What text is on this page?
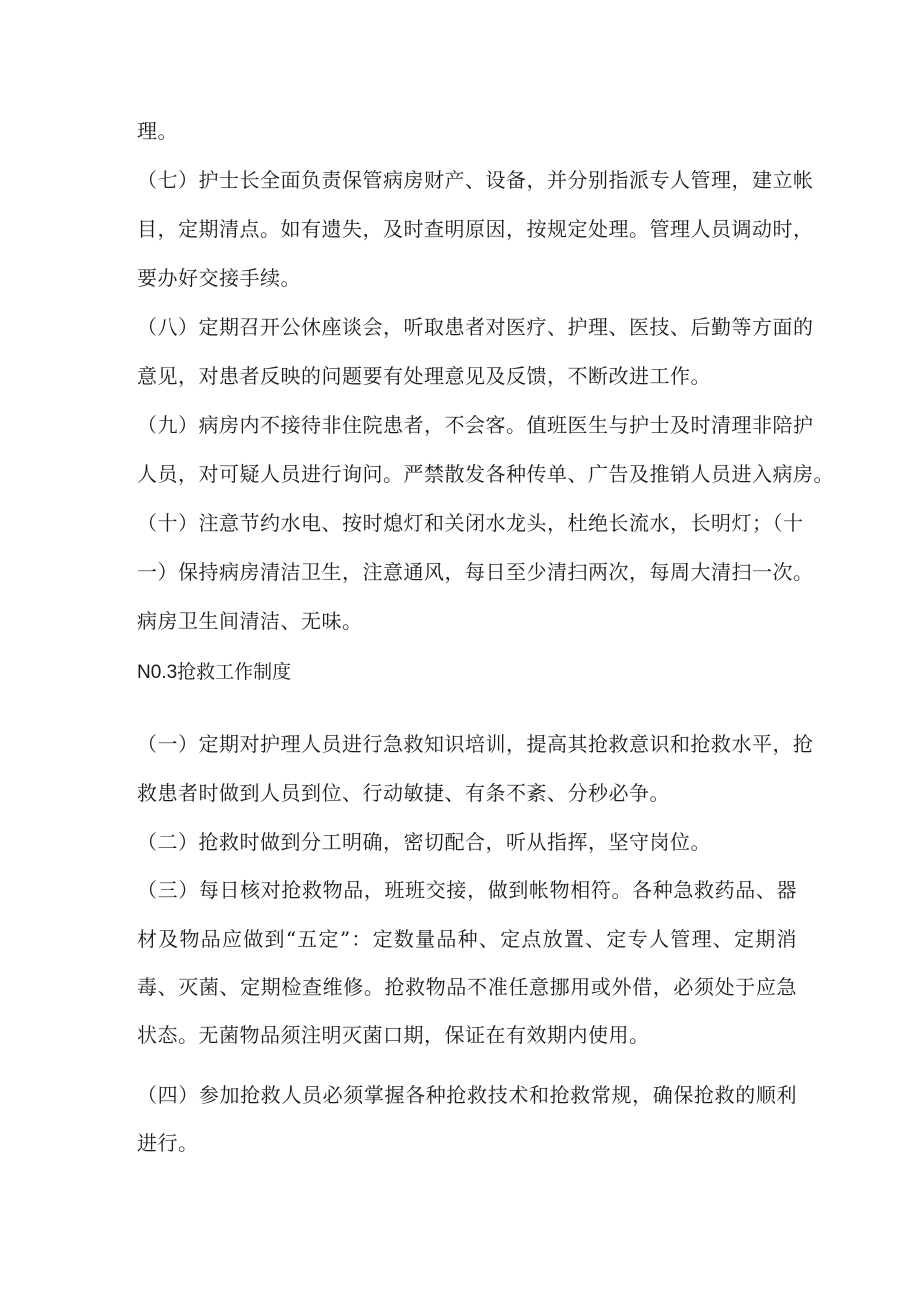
理。
（七）护士长全面负责保管病房财产、设备，并分别指派专人管理，建立帐
目，定期清点。如有遗失，及时查明原因，按规定处理。管理人员调动时，
要办好交接手续。
（八）定期召开公休座谈会，听取患者对医疗、护理、医技、后勤等方面的
意见，对患者反映的问题要有处理意见及反馈，不断改进工作。
（九）病房内不接待非住院患者，不会客。值班医生与护士及时清理非陪护
人员，对可疑人员进行询问。严禁散发各种传单、广告及推销人员进入病房。
（十）注意节约水电、按时熄灯和关闭水龙头，杜绝长流水，长明灯；（十
一）保持病房清洁卫生，注意通风，每日至少清扫两次，每周大清扫一次。
病房卫生间清洁、无味。
N0.3抢救工作制度
（一）定期对护理人员进行急救知识培训，提高其抢救意识和抢救水平，抢
救患者时做到人员到位、行动敏捷、有条不紊、分秒必争。
（二）抢救时做到分工明确，密切配合，听从指挥，坚守岗位。
（三）每日核对抢救物品，班班交接，做到帐物相符。各种急救药品、器
材及物品应做到“五定”：定数量品种、定点放置、定专人管理、定期消
毒、灭菌、定期检查维修。抢救物品不准任意挪用或外借，必须处于应急
状态。无菌物品须注明灭菌口期，保证在有效期内使用。
（四）参加抢救人员必须掌握各种抢救技术和抢救常规，确保抢救的顺利
进行。
